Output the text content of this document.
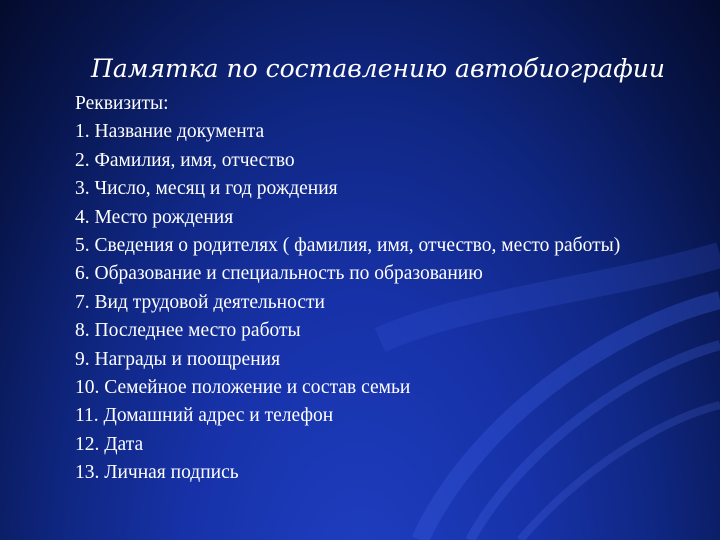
Памятка по составлению автобиографии
Реквизиты:
1. Название документа
2. Фамилия, имя, отчество
3. Число, месяц и год рождения
4. Место рождения
5. Сведения о родителях ( фамилия, имя, отчество, место работы)
6. Образование и специальность по образованию
7. Вид трудовой деятельности
8. Последнее место работы
9. Награды и поощрения
10. Семейное положение и состав семьи
11. Домашний адрес и телефон
12. Дата
13. Личная подпись
